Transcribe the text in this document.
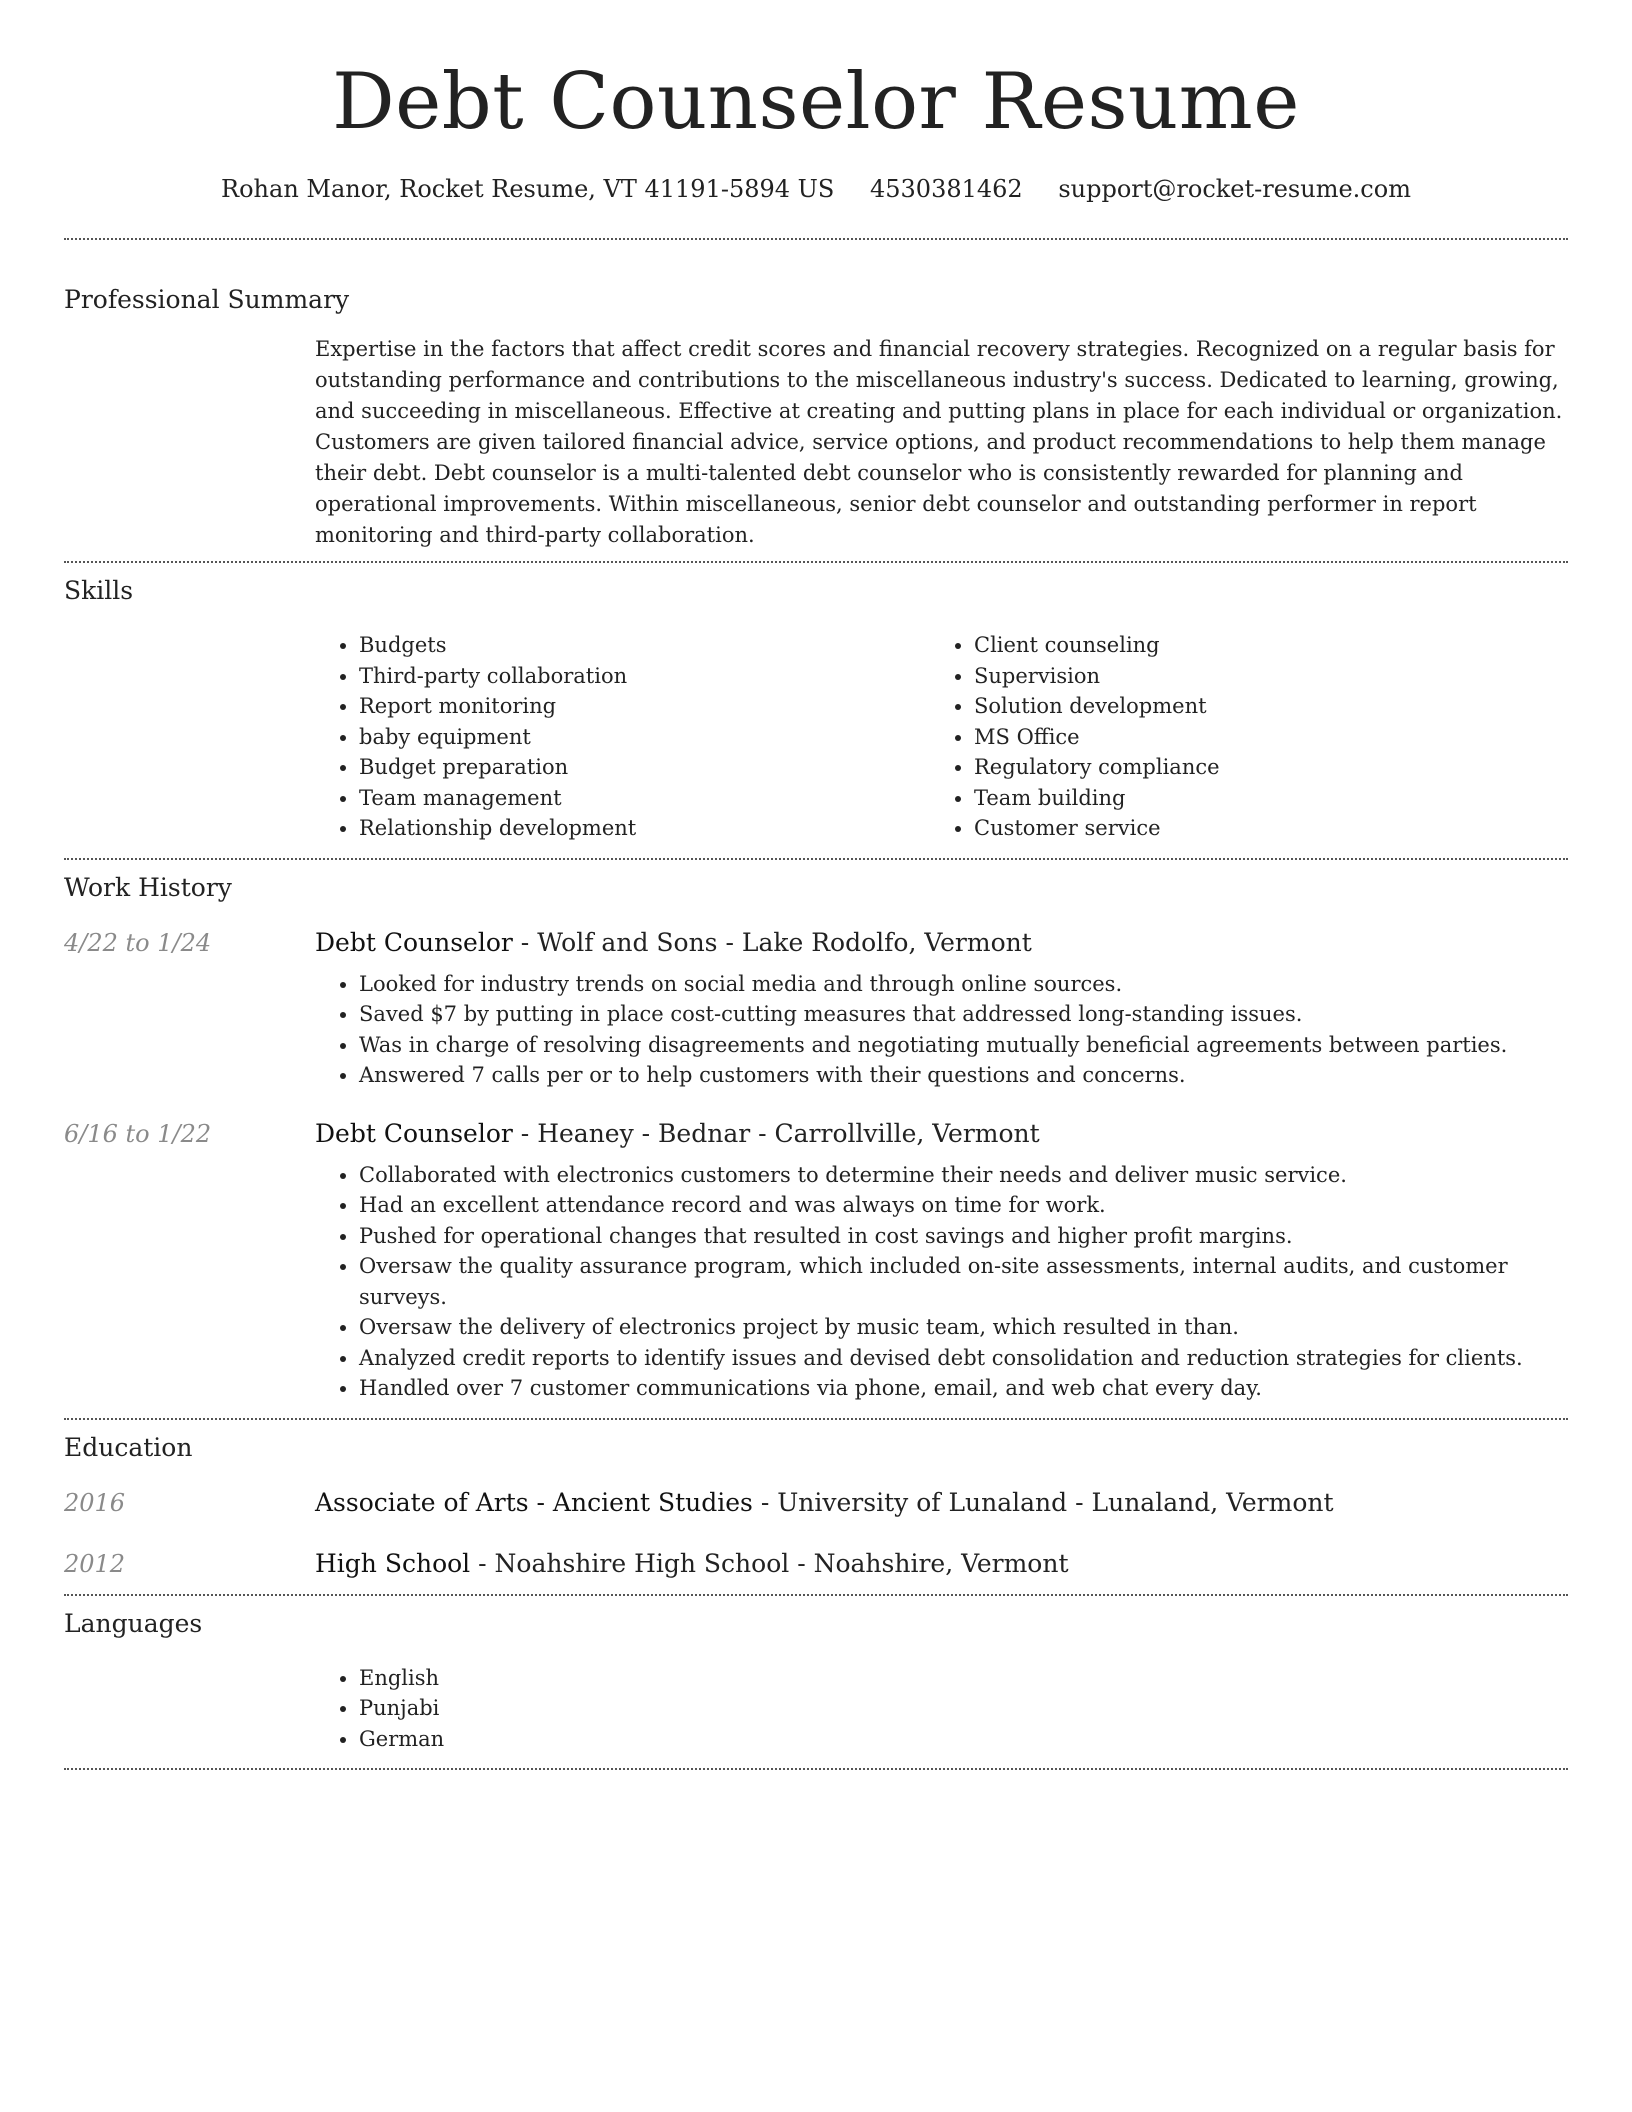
Debt Counselor Resume
Rohan Manor, Rocket Resume, VT 41191-5894 US 4530381462 support@rocket-resume.com
Professional Summary

Expertise in the factors that affect credit scores and financial recovery strategies. Recognized on a regular basis for outstanding performance and contributions to the miscellaneous industry's success. Dedicated to learning, growing, and succeeding in miscellaneous. Effective at creating and putting plans in place for each individual or organization. Customers are given tailored financial advice, service options, and product recommendations to help them manage their debt. Debt counselor is a multi-talented debt counselor who is consistently rewarded for planning and operational improvements. Within miscellaneous, senior debt counselor and outstanding performer in report monitoring and third-party collaboration.

Skills
• Budgets
• Third-party collaboration
• Report monitoring
• baby equipment
• Budget preparation
• Team management
• Relationship development
• Client counseling
• Supervision
• Solution development
• MS Office
• Regulatory compliance
• Team building
• Customer service
Work History
4/22 to 1/24	Debt Counselor - Wolf and Sons - Lake Rodolfo, Vermont
• Looked for industry trends on social media and through online sources.
• Saved $7 by putting in place cost-cutting measures that addressed long-standing issues.
• Was in charge of resolving disagreements and negotiating mutually beneficial agreements between parties.
• Answered 7 calls per or to help customers with their questions and concerns.
6/16 to 1/22	Debt Counselor - Heaney - Bednar - Carrollville, Vermont
• Collaborated with electronics customers to determine their needs and deliver music service.
• Had an excellent attendance record and was always on time for work.
• Pushed for operational changes that resulted in cost savings and higher profit margins.
• Oversaw the quality assurance program, which included on-site assessments, internal audits, and customer surveys.
• Oversaw the delivery of electronics project by music team, which resulted in than.
• Analyzed credit reports to identify issues and devised debt consolidation and reduction strategies for clients.
• Handled over 7 customer communications via phone, email, and web chat every day.
Education
2016	Associate of Arts - Ancient Studies - University of Lunaland - Lunaland, Vermont
2012	High School - Noahshire High School - Noahshire, Vermont
Languages
• English
• Punjabi
• German
